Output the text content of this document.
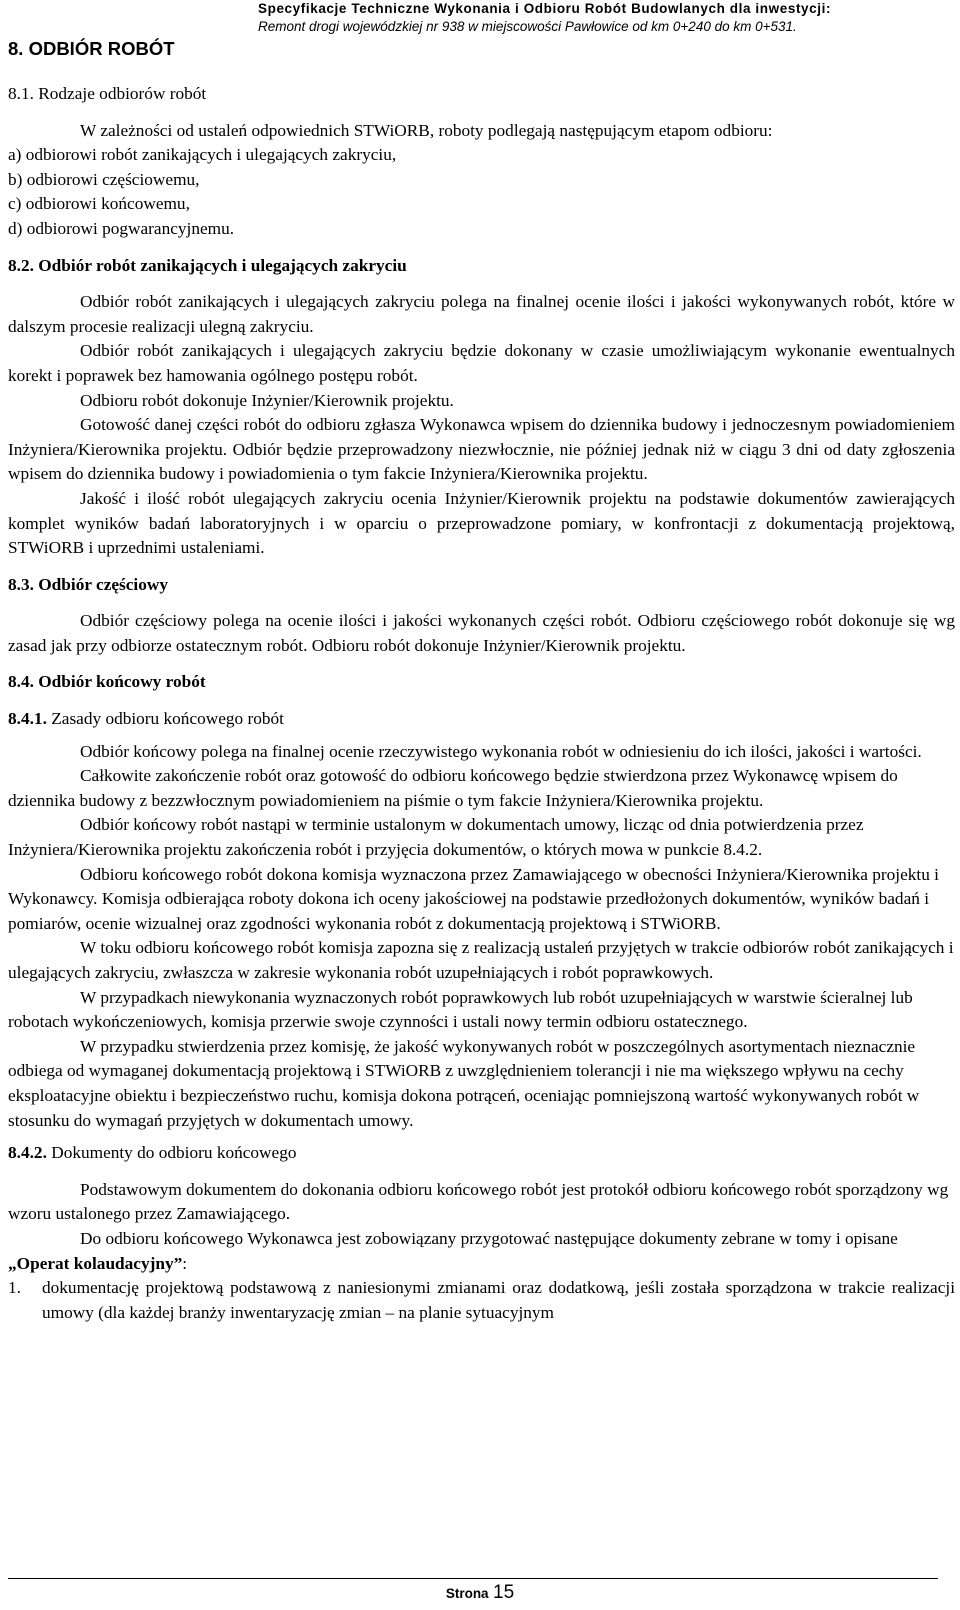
Specyfikacje Techniczne Wykonania i Odbioru Robót Budowlanych dla inwestycji:
Remont drogi wojewódzkiej nr 938 w miejscowości Pawłowice od km 0+240 do km 0+531.
8. ODBIÓR ROBÓT

8.1. Rodzaje odbiorów robót

W zależności od ustaleń odpowiednich STWiORB, roboty podlegają następującym etapom odbioru:

a) odbiorowi robót zanikających i ulegających zakryciu,

b) odbiorowi częściowemu,

c) odbiorowi końcowemu,

d) odbiorowi pogwarancyjnemu.

8.2. Odbiór robót zanikających i ulegających zakryciu

Odbiór robót zanikających i ulegających zakryciu polega na finalnej ocenie ilości i jakości wykonywanych robót, które w dalszym procesie realizacji ulegną zakryciu.

Odbiór robót zanikających i ulegających zakryciu będzie dokonany w czasie umożliwiającym wykonanie ewentualnych korekt i poprawek bez hamowania ogólnego postępu robót.

Odbioru robót dokonuje Inżynier/Kierownik projektu.

Gotowość danej części robót do odbioru zgłasza Wykonawca wpisem do dziennika budowy i jednoczesnym powiadomieniem Inżyniera/Kierownika projektu. Odbiór będzie przeprowadzony niezwłocznie, nie później jednak niż w ciągu 3 dni od daty zgłoszenia wpisem do dziennika budowy i powiadomienia o tym fakcie Inżyniera/Kierownika projektu.

Jakość i ilość robót ulegających zakryciu ocenia Inżynier/Kierownik projektu na podstawie dokumentów zawierających komplet wyników badań laboratoryjnych i w oparciu o przeprowadzone pomiary, w konfrontacji z dokumentacją projektową, STWiORB i uprzednimi ustaleniami.

8.3. Odbiór częściowy

Odbiór częściowy polega na ocenie ilości i jakości wykonanych części robót. Odbioru częściowego robót dokonuje się wg zasad jak przy odbiorze ostatecznym robót. Odbioru robót dokonuje Inżynier/Kierownik projektu.

8.4. Odbiór końcowy robót

8.4.1. Zasady odbioru końcowego robót

Odbiór końcowy polega na finalnej ocenie rzeczywistego wykonania robót w odniesieniu do ich ilości, jakości i wartości.

Całkowite zakończenie robót oraz gotowość do odbioru końcowego będzie stwierdzona przez Wykonawcę wpisem do dziennika budowy z bezzwłocznym powiadomieniem na piśmie o tym fakcie Inżyniera/Kierownika projektu.

Odbiór końcowy robót nastąpi w terminie ustalonym w dokumentach umowy, licząc od dnia potwierdzenia przez Inżyniera/Kierownika projektu zakończenia robót i przyjęcia dokumentów, o których mowa w punkcie 8.4.2.

Odbioru końcowego robót dokona komisja wyznaczona przez Zamawiającego w obecności Inżyniera/Kierownika projektu i Wykonawcy. Komisja odbierająca roboty dokona ich oceny jakościowej na podstawie przedłożonych dokumentów, wyników badań i pomiarów, ocenie wizualnej oraz zgodności wykonania robót z dokumentacją projektową i STWiORB.

W toku odbioru końcowego robót komisja zapozna się z realizacją ustaleń przyjętych w trakcie odbiorów robót zanikających i ulegających zakryciu, zwłaszcza w zakresie wykonania robót uzupełniających i robót poprawkowych.

W przypadkach niewykonania wyznaczonych robót poprawkowych lub robót uzupełniających w warstwie ścieralnej lub robotach wykończeniowych, komisja przerwie swoje czynności i ustali nowy termin odbioru ostatecznego.

W przypadku stwierdzenia przez komisję, że jakość wykonywanych robót w poszczególnych asortymentach nieznacznie odbiega od wymaganej dokumentacją projektową i STWiORB z uwzględnieniem tolerancji i nie ma większego wpływu na cechy eksploatacyjne obiektu i bezpieczeństwo ruchu, komisja dokona potrąceń, oceniając pomniejszoną wartość wykonywanych robót w stosunku do wymagań przyjętych w dokumentach umowy.

8.4.2. Dokumenty do odbioru końcowego

Podstawowym dokumentem do dokonania odbioru końcowego robót jest protokół odbioru końcowego robót sporządzony wg wzoru ustalonego przez Zamawiającego.

Do odbioru końcowego Wykonawca jest zobowiązany przygotować następujące dokumenty zebrane w tomy i opisane „Operat kolaudacyjny”:

1.	dokumentację projektową podstawową z naniesionymi zmianami oraz dodatkową, jeśli została sporządzona w trakcie realizacji umowy (dla każdej branży inwentaryzację zmian – na planie sytuacyjnym
Strona 15
